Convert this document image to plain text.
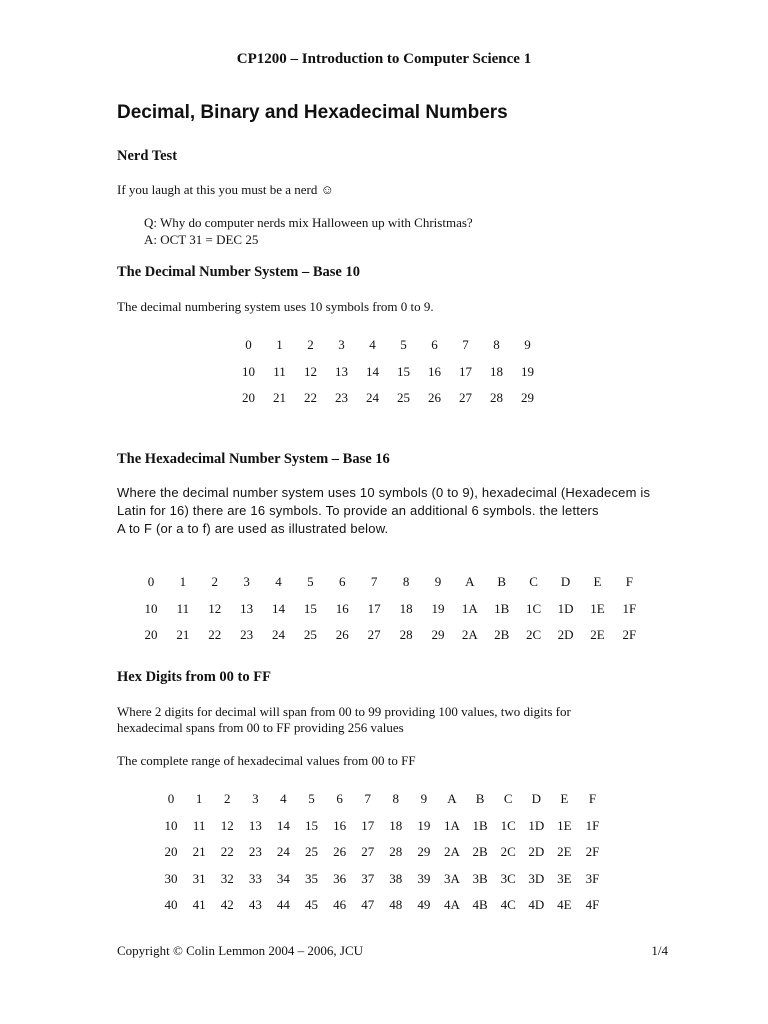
CP1200 – Introduction to Computer Science 1
Decimal, Binary and Hexadecimal Numbers
Nerd Test

If you laugh at this you must be a nerd ☺

Q: Why do computer nerds mix Halloween up with Christmas?

A: OCT 31 = DEC 25

The Decimal Number System – Base 10

The decimal numbering system uses 10 symbols from 0 to 9.

0	1	2	3	4	5	6	7	8	9
10	11	12	13	14	15	16	17	18	19
20	21	22	23	24	25	26	27	28	29
The Hexadecimal Number System – Base 16
Where the decimal number system uses 10 symbols (0 to 9), hexadecimal (Hexadecem is
Latin for 16) there are 16 symbols. To provide an additional 6 symbols. the letters
A to F (or a to f) are used as illustrated below.
0	1	2	3	4	5	6	7	8	9	A	B	C	D	E	F
10	11	12	13	14	15	16	17	18	19	1A	1B	1C	1D	1E	1F
20	21	22	23	24	25	26	27	28	29	2A	2B	2C	2D	2E	2F
Hex Digits from 00 to FF

Where 2 digits for decimal will span from 00 to 99 providing 100 values, two digits for

hexadecimal spans from 00 to FF providing 256 values

The complete range of hexadecimal values from 00 to FF

0	1	2	3	4	5	6	7	8	9	A	B	C	D	E	F
10	11	12	13	14	15	16	17	18	19	1A	1B	1C	1D	1E	1F
20	21	22	23	24	25	26	27	28	29	2A	2B	2C	2D	2E	2F
30	31	32	33	34	35	36	37	38	39	3A	3B	3C	3D	3E	3F
40	41	42	43	44	45	46	47	48	49	4A	4B	4C	4D	4E	4F
Copyright © Colin Lemmon 2004 – 2006, JCU	1/4
